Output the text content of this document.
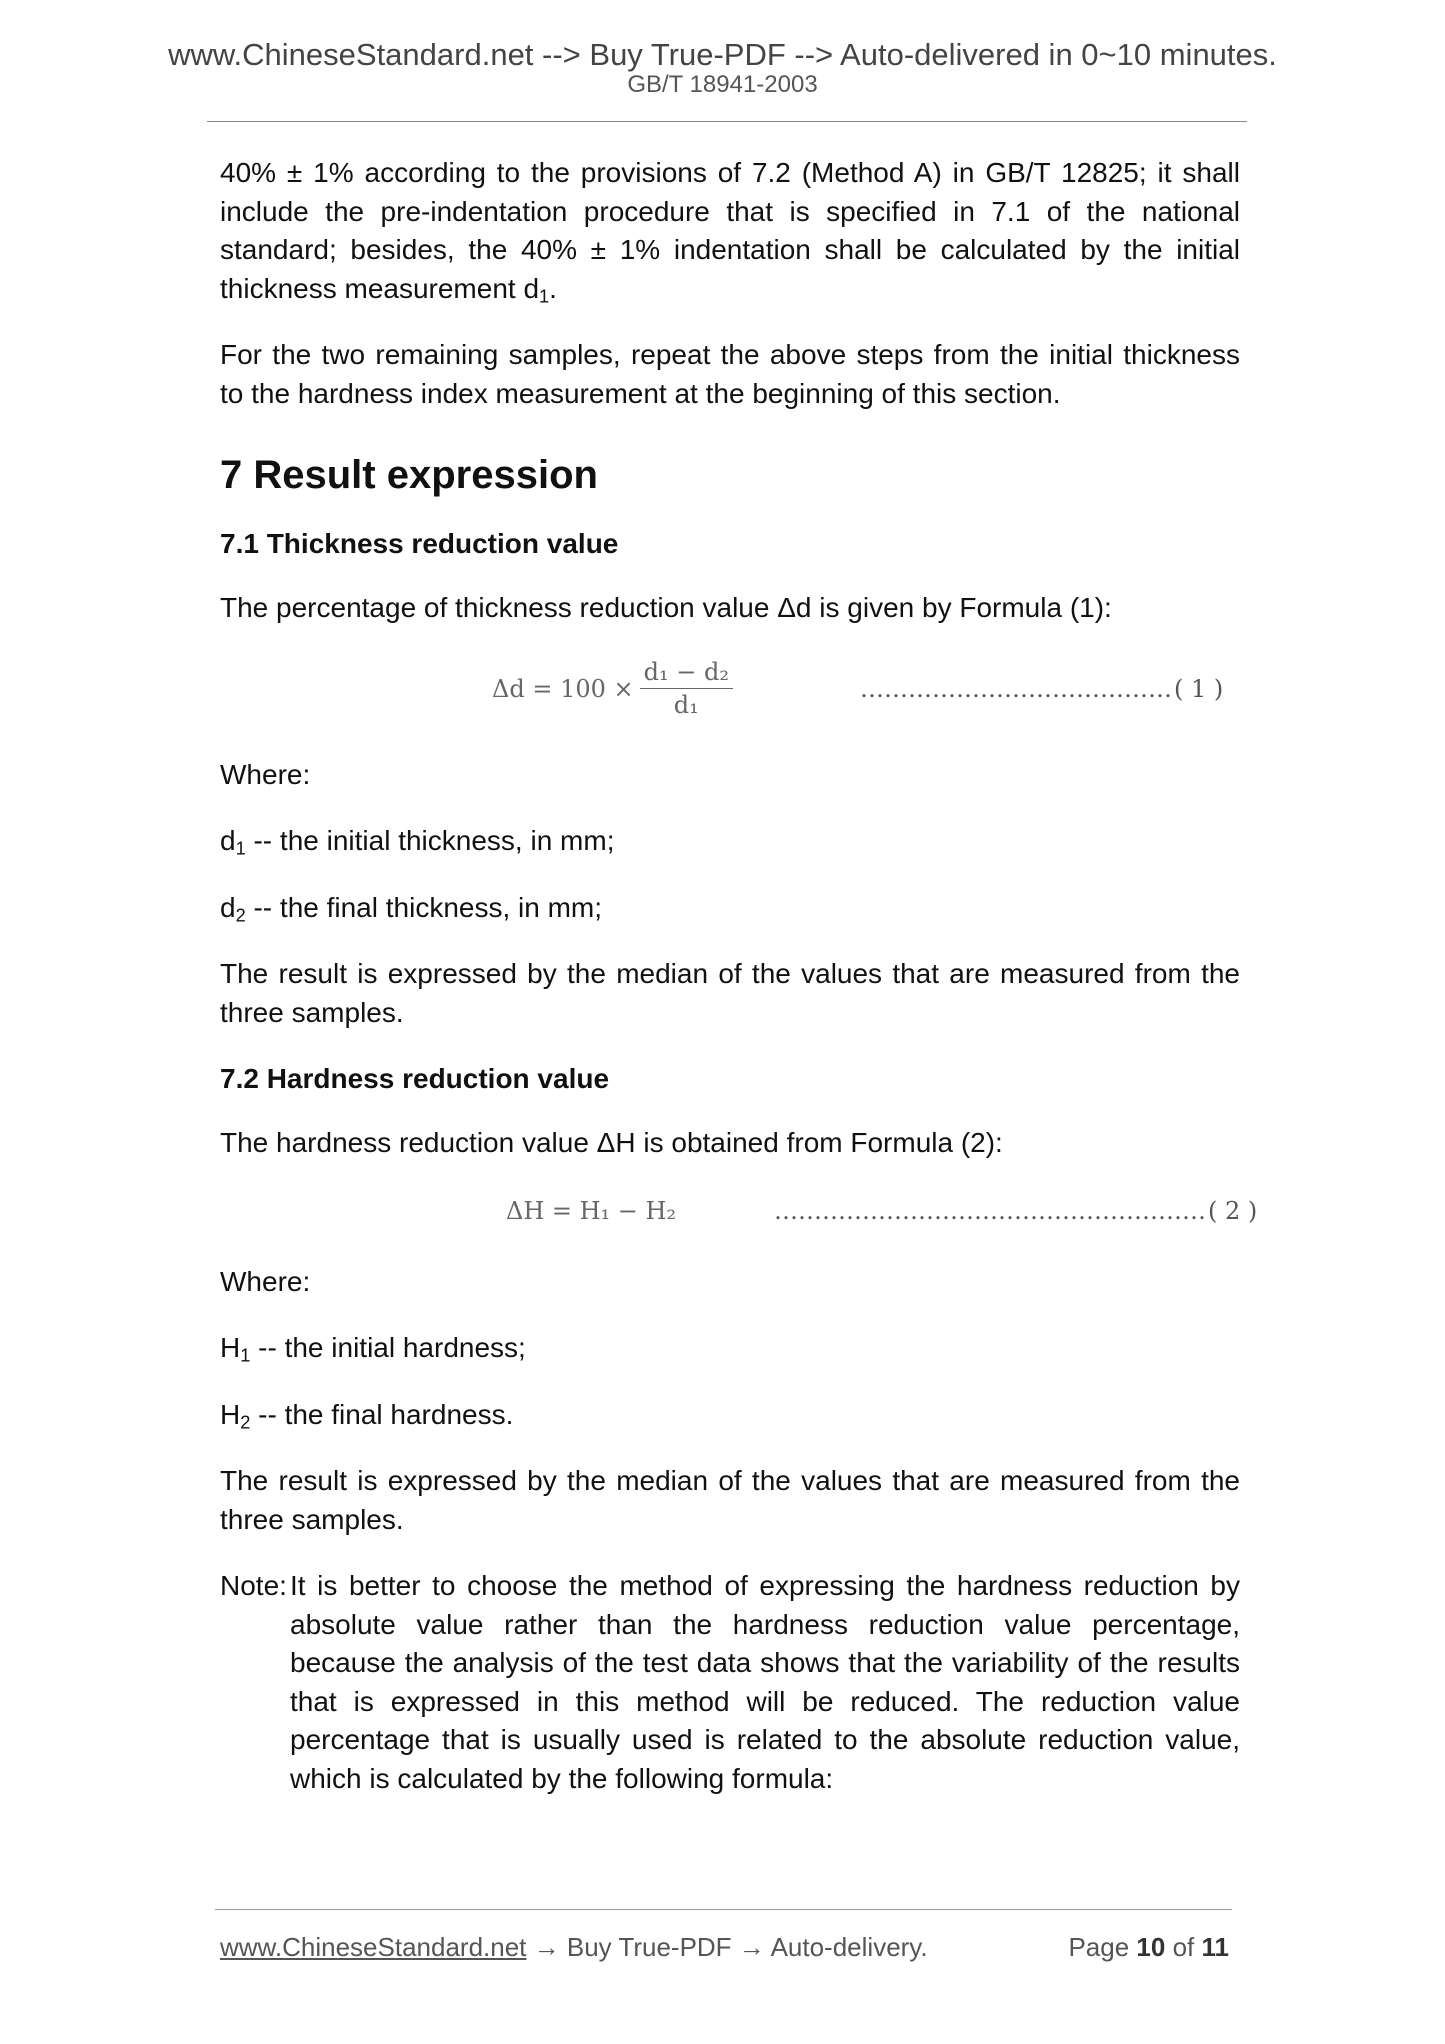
www.ChineseStandard.net --> Buy True-PDF --> Auto-delivered in 0~10 minutes.
GB/T 18941-2003

40% ± 1% according to the provisions of 7.2 (Method A) in GB/T 12825; it shall include the pre-indentation procedure that is specified in 7.1 of the national standard; besides, the 40% ± 1% indentation shall be calculated by the initial thickness measurement $d_1$.

For the two remaining samples, repeat the above steps from the initial thickness to the hardness index measurement at the beginning of this section.

7 Result expression
7.1 Thickness reduction value

The percentage of thickness reduction value Δd is given by Formula (1):

$\Delta d = 100 \times \frac{\text{d₁ − d₂}}{\text{d₁}}$	………………………………… ( 1 )

Where:

$d_1$ -- the initial thickness, in mm;

$d_2$ -- the final thickness, in mm;

The result is expressed by the median of the values that are measured from the three samples.

7.2 Hardness reduction value

The hardness reduction value ΔH is obtained from Formula (2):

ΔH = H₁ − H₂	……………………………………………… ( 2 )

Where:

$H_1$ -- the initial hardness;

$H_2$ -- the final hardness.

The result is expressed by the median of the values that are measured from the three samples.

Note: It is better to choose the method of expressing the hardness reduction by absolute value rather than the hardness reduction value percentage, because the analysis of the test data shows that the variability of the results that is expressed in this method will be reduced. The reduction value percentage that is usually used is related to the absolute reduction value, which is calculated by the following formula:
www.ChineseStandard.net → Buy True-PDF → Auto-delivery.	Page 10 of 11
